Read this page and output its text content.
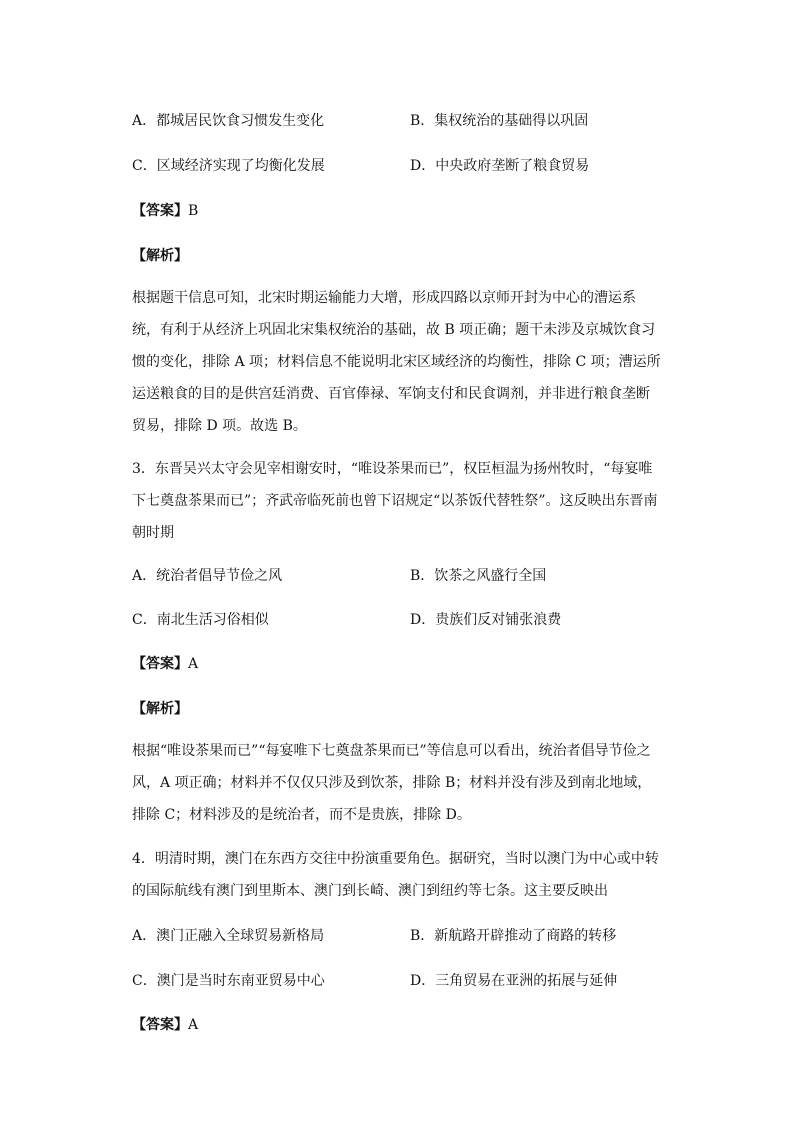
A．都城居民饮食习惯发生变化	B．集权统治的基础得以巩固
C．区域经济实现了均衡化发展	D．中央政府垄断了粮食贸易
【答案】B
【解析】
根据题干信息可知，北宋时期运输能力大增，形成四路以京师开封为中心的漕运系
统，有利于从经济上巩固北宋集权统治的基础，故 B 项正确；题干未涉及京城饮食习
惯的变化，排除 A 项；材料信息不能说明北宋区域经济的均衡性，排除 C 项；漕运所
运送粮食的目的是供宫廷消费、百官俸禄、军饷支付和民食调剂，并非进行粮食垄断
贸易，排除 D 项。故选 B。
3．东晋吴兴太守会见宰相谢安时，“唯设茶果而已”，权臣桓温为扬州牧时，“每宴唯
下七奠盘茶果而已”；齐武帝临死前也曾下诏规定“以茶饭代替牲祭”。这反映出东晋南
朝时期
A．统治者倡导节俭之风	B．饮茶之风盛行全国
C．南北生活习俗相似	D．贵族们反对铺张浪费
【答案】A
【解析】
根据“唯设茶果而已”“每宴唯下七奠盘茶果而已”等信息可以看出，统治者倡导节俭之
风，A 项正确；材料并不仅仅只涉及到饮茶，排除 B；材料并没有涉及到南北地域，
排除 C；材料涉及的是统治者，而不是贵族，排除 D。
4．明清时期，澳门在东西方交往中扮演重要角色。据研究，当时以澳门为中心或中转
的国际航线有澳门到里斯本、澳门到长崎、澳门到纽约等七条。这主要反映出
A．澳门正融入全球贸易新格局	B．新航路开辟推动了商路的转移
C．澳门是当时东南亚贸易中心	D．三角贸易在亚洲的拓展与延伸
【答案】A
